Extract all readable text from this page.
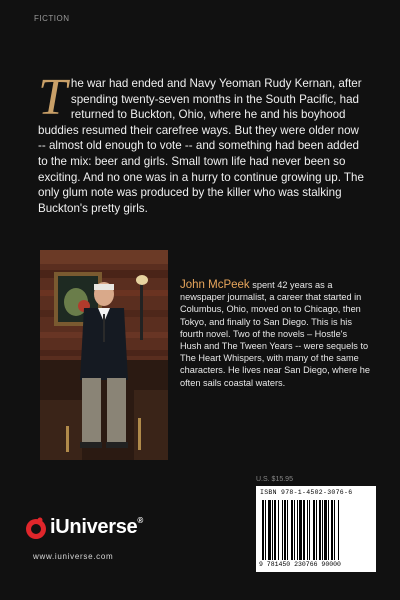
FICTION
The war had ended and Navy Yeoman Rudy Kernan, after spending twenty-seven months in the South Pacific, had returned to Buckton, Ohio, where he and his boyhood buddies resumed their carefree ways. But they were older now -- almost old enough to vote -- and something had been added to the mix: beer and girls. Small town life had never been so exciting. And no one was in a hurry to continue growing up. The only glum note was produced by the killer who was stalking Buckton's pretty girls.
John McPeek spent 42 years as a newspaper journalist, a career that started in Columbus, Ohio, moved on to Chicago, then Tokyo, and finally to San Diego. This is his fourth novel. Two of the novels – Hostle's Hush and The Tween Years -- were sequels to The Heart Whispers, with many of the same characters. He lives near San Diego, where he often sails coastal waters.
U.S. $15.95
ISBN 978-1-4502-3076-6
9 781450 230766 90000
iUniverse®
www.iuniverse.com
